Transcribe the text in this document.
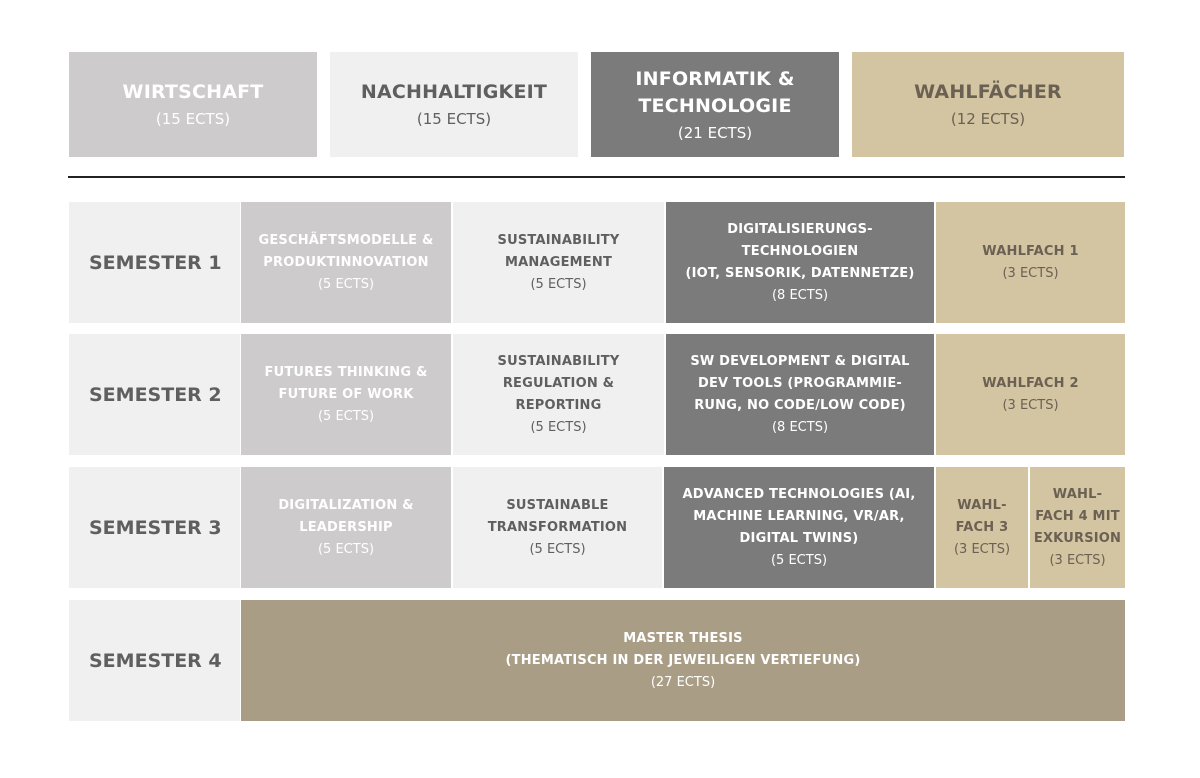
WIRTSCHAFT
(15 ECTS)
NACHHALTIGKEIT
(15 ECTS)
INFORMATIK &
TECHNOLOGIE
(21 ECTS)
WAHLFÄCHER
(12 ECTS)
SEMESTER 1
GESCHÄFTSMODELLE &
PRODUKTINNOVATION
(5 ECTS)
SUSTAINABILITY
MANAGEMENT
(5 ECTS)
DIGITALISIERUNGS-
TECHNOLOGIEN
(IOT, SENSORIK, DATENNETZE)
(8 ECTS)
WAHLFACH 1
(3 ECTS)
SEMESTER 2
FUTURES THINKING &
FUTURE OF WORK
(5 ECTS)
SUSTAINABILITY
REGULATION &
REPORTING
(5 ECTS)
SW DEVELOPMENT & DIGITAL
DEV TOOLS (PROGRAMMIE-
RUNG, NO CODE/LOW CODE)
(8 ECTS)
WAHLFACH 2
(3 ECTS)
SEMESTER 3
DIGITALIZATION &
LEADERSHIP
(5 ECTS)
SUSTAINABLE
TRANSFORMATION
(5 ECTS)
ADVANCED TECHNOLOGIES (AI,
MACHINE LEARNING, VR/AR,
DIGITAL TWINS)
(5 ECTS)
WAHL-
FACH 3
(3 ECTS)
WAHL-
FACH 4 MIT
EXKURSION
(3 ECTS)
SEMESTER 4
MASTER THESIS
(THEMATISCH IN DER JEWEILIGEN VERTIEFUNG)
(27 ECTS)
